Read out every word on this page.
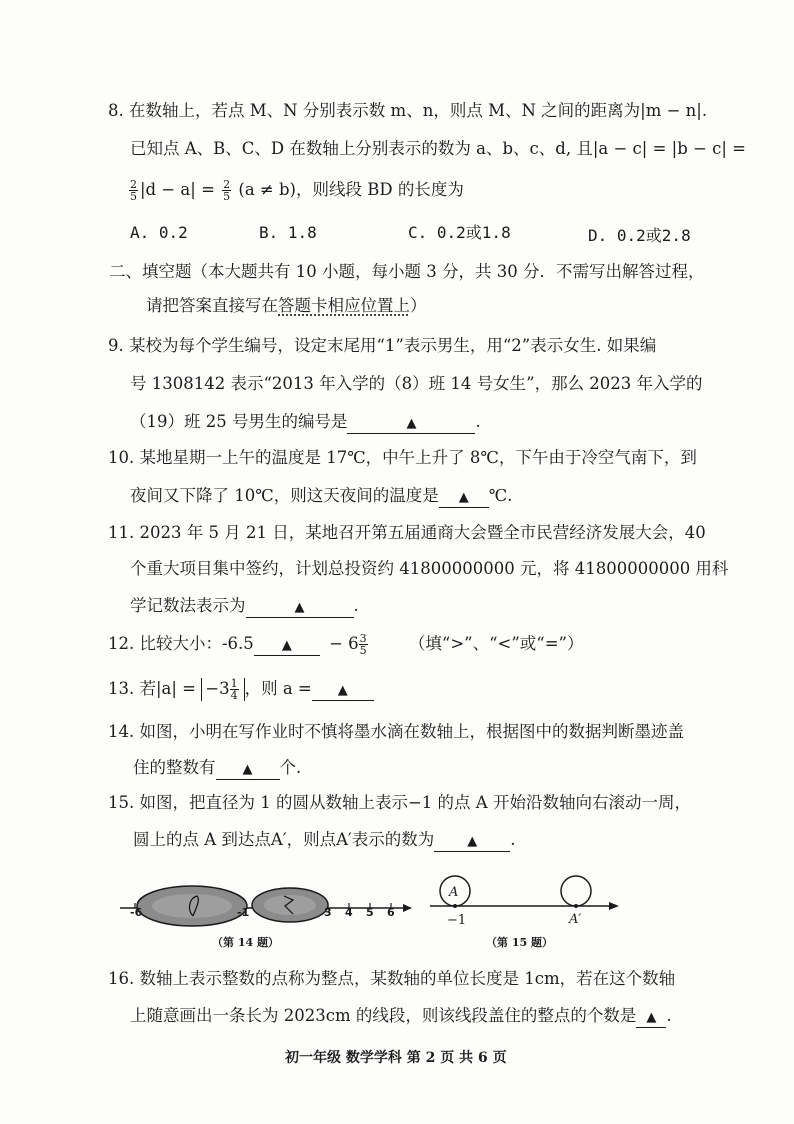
8. 在数轴上，若点 M、N 分别表示数 m、n，则点 M、N 之间的距离为|m − n|.
已知点 A、B、C、D 在数轴上分别表示的数为 a、b、c、d, 且|a − c| = |b − c| =
$\frac{2}{5} |d - a| = \frac{2}{5} (a \ne b)$，则线段 BD 的长度为
A. 0.2	B. 1.8	C. 0.2或1.8	D. 0.2或2.8
二、填空题（本大题共有 10 小题，每小题 3 分，共 30 分．不需写出解答过程，
请把答案直接写在答题卡相应位置上）
9. 某校为每个学生编号，设定末尾用“1”表示男生，用“2”表示女生. 如果编
号 1308142 表示“2013 年入学的（8）班 14 号女生”，那么 2023 年入学的
（19）班 25 号男生的编号是	▲	.
10. 某地星期一上午的温度是 17℃，中午上升了 8℃，下午由于冷空气南下，到
夜间又下降了 10℃，则这天夜间的温度是 ▲ ℃.
11. 2023 年 5 月 21 日，某地召开第五届通商大会暨全市民营经济发展大会，40
个重大项目集中签约，计划总投资约 41800000000 元，将 41800000000 用科
学记数法表示为	▲	.
12. 比较大小：-6.5 ▲ − $6 \frac{3}{5}$	（填“>”、“<”或“=”）
13. 若$|a| = -3 \frac{1}{4}$ ，则 a = ▲
14. 如图，小明在写作业时不慎将墨水滴在数轴上，根据图中的数据判断墨迹盖
住的整数有 ▲ 个.
15. 如图，把直径为 1 的圆从数轴上表示−1 的点 A 开始沿数轴向右滚动一周，
圆上的点 A 到达点A′，则点A′表示的数为	▲ .
-6	-1	3 4 5 6
（第 14 题）
A
A′
−1
（第 15 题）
16. 数轴上表示整数的点称为整点，某数轴的单位长度是 1cm，若在这个数轴
上随意画出一条长为 2023cm 的线段，则该线段盖住的整点的个数是 ▲ .
初一年级 数学学科 第 2 页 共 6 页
